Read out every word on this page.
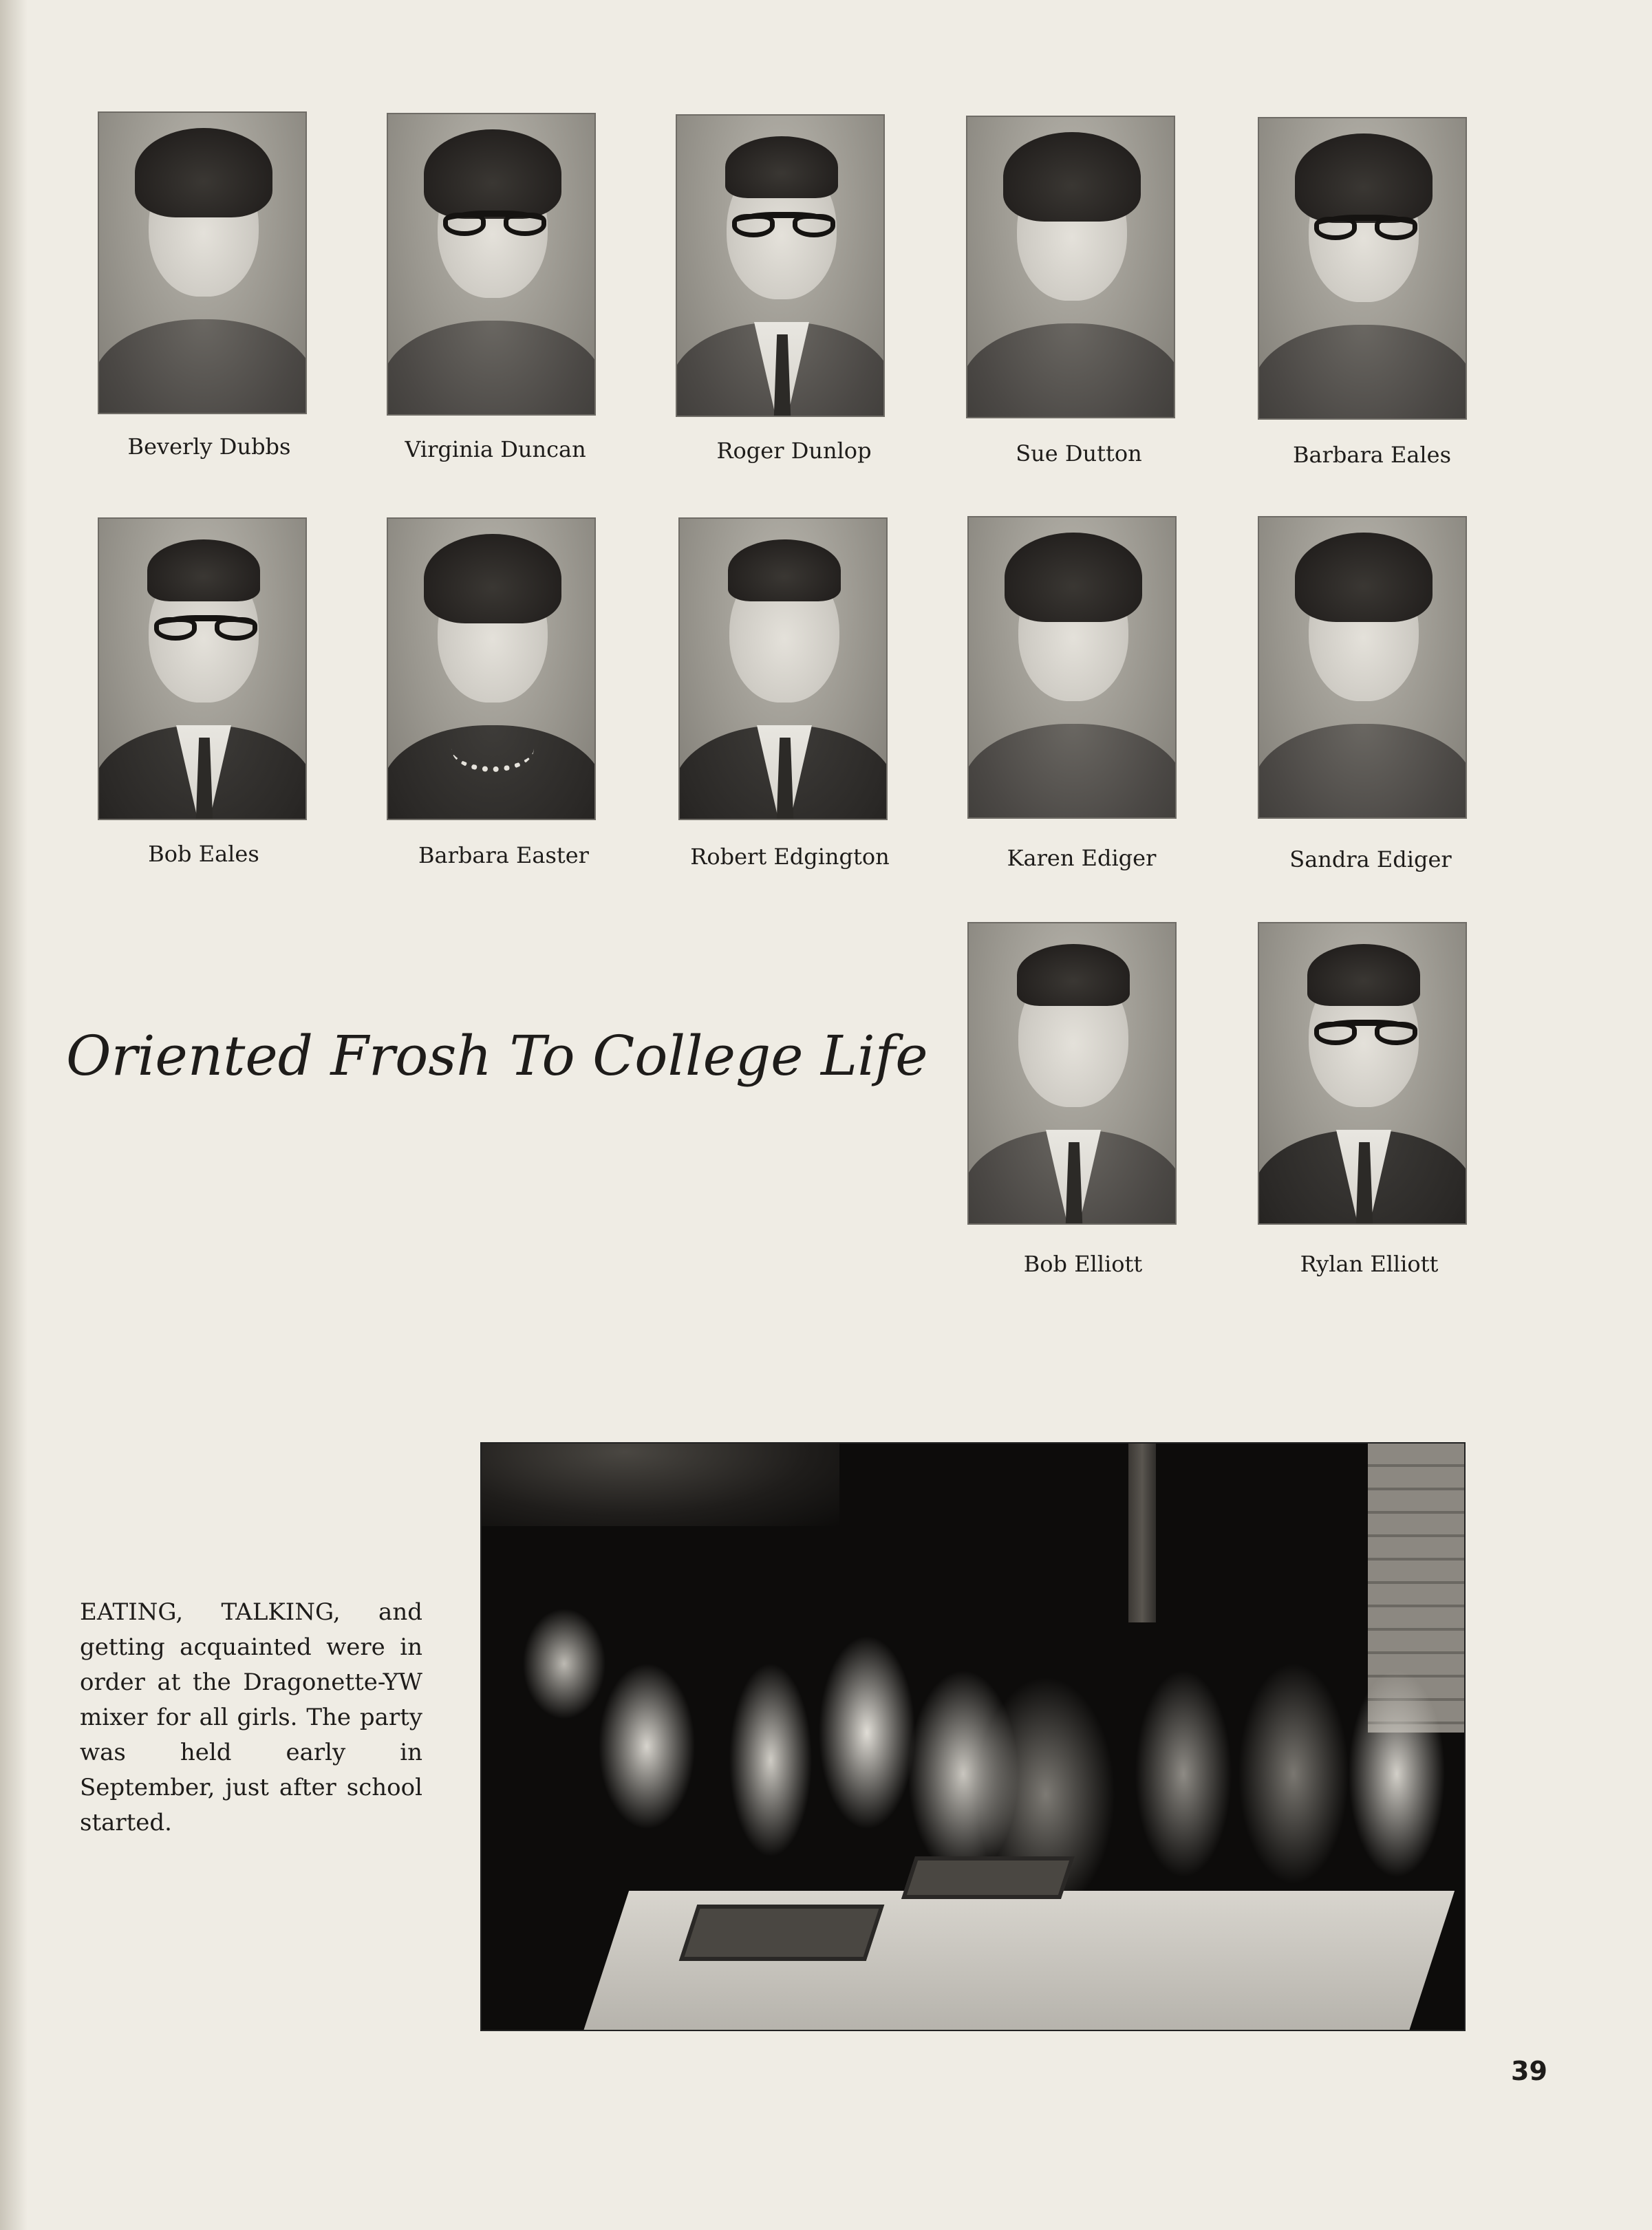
Beverly Dubbs	Virginia Duncan	Roger Dunlop	Sue Dutton	Barbara Eales
Bob Eales	Barbara Easter	Robert Edgington	Karen Ediger	Sandra Ediger
Oriented Frosh To College Life
Bob Elliott	Rylan Elliott
EATING, TALKING, and getting acquainted were in order at the Dragonette-YW mixer for all girls. The party was held early in September, just after school started.
39
